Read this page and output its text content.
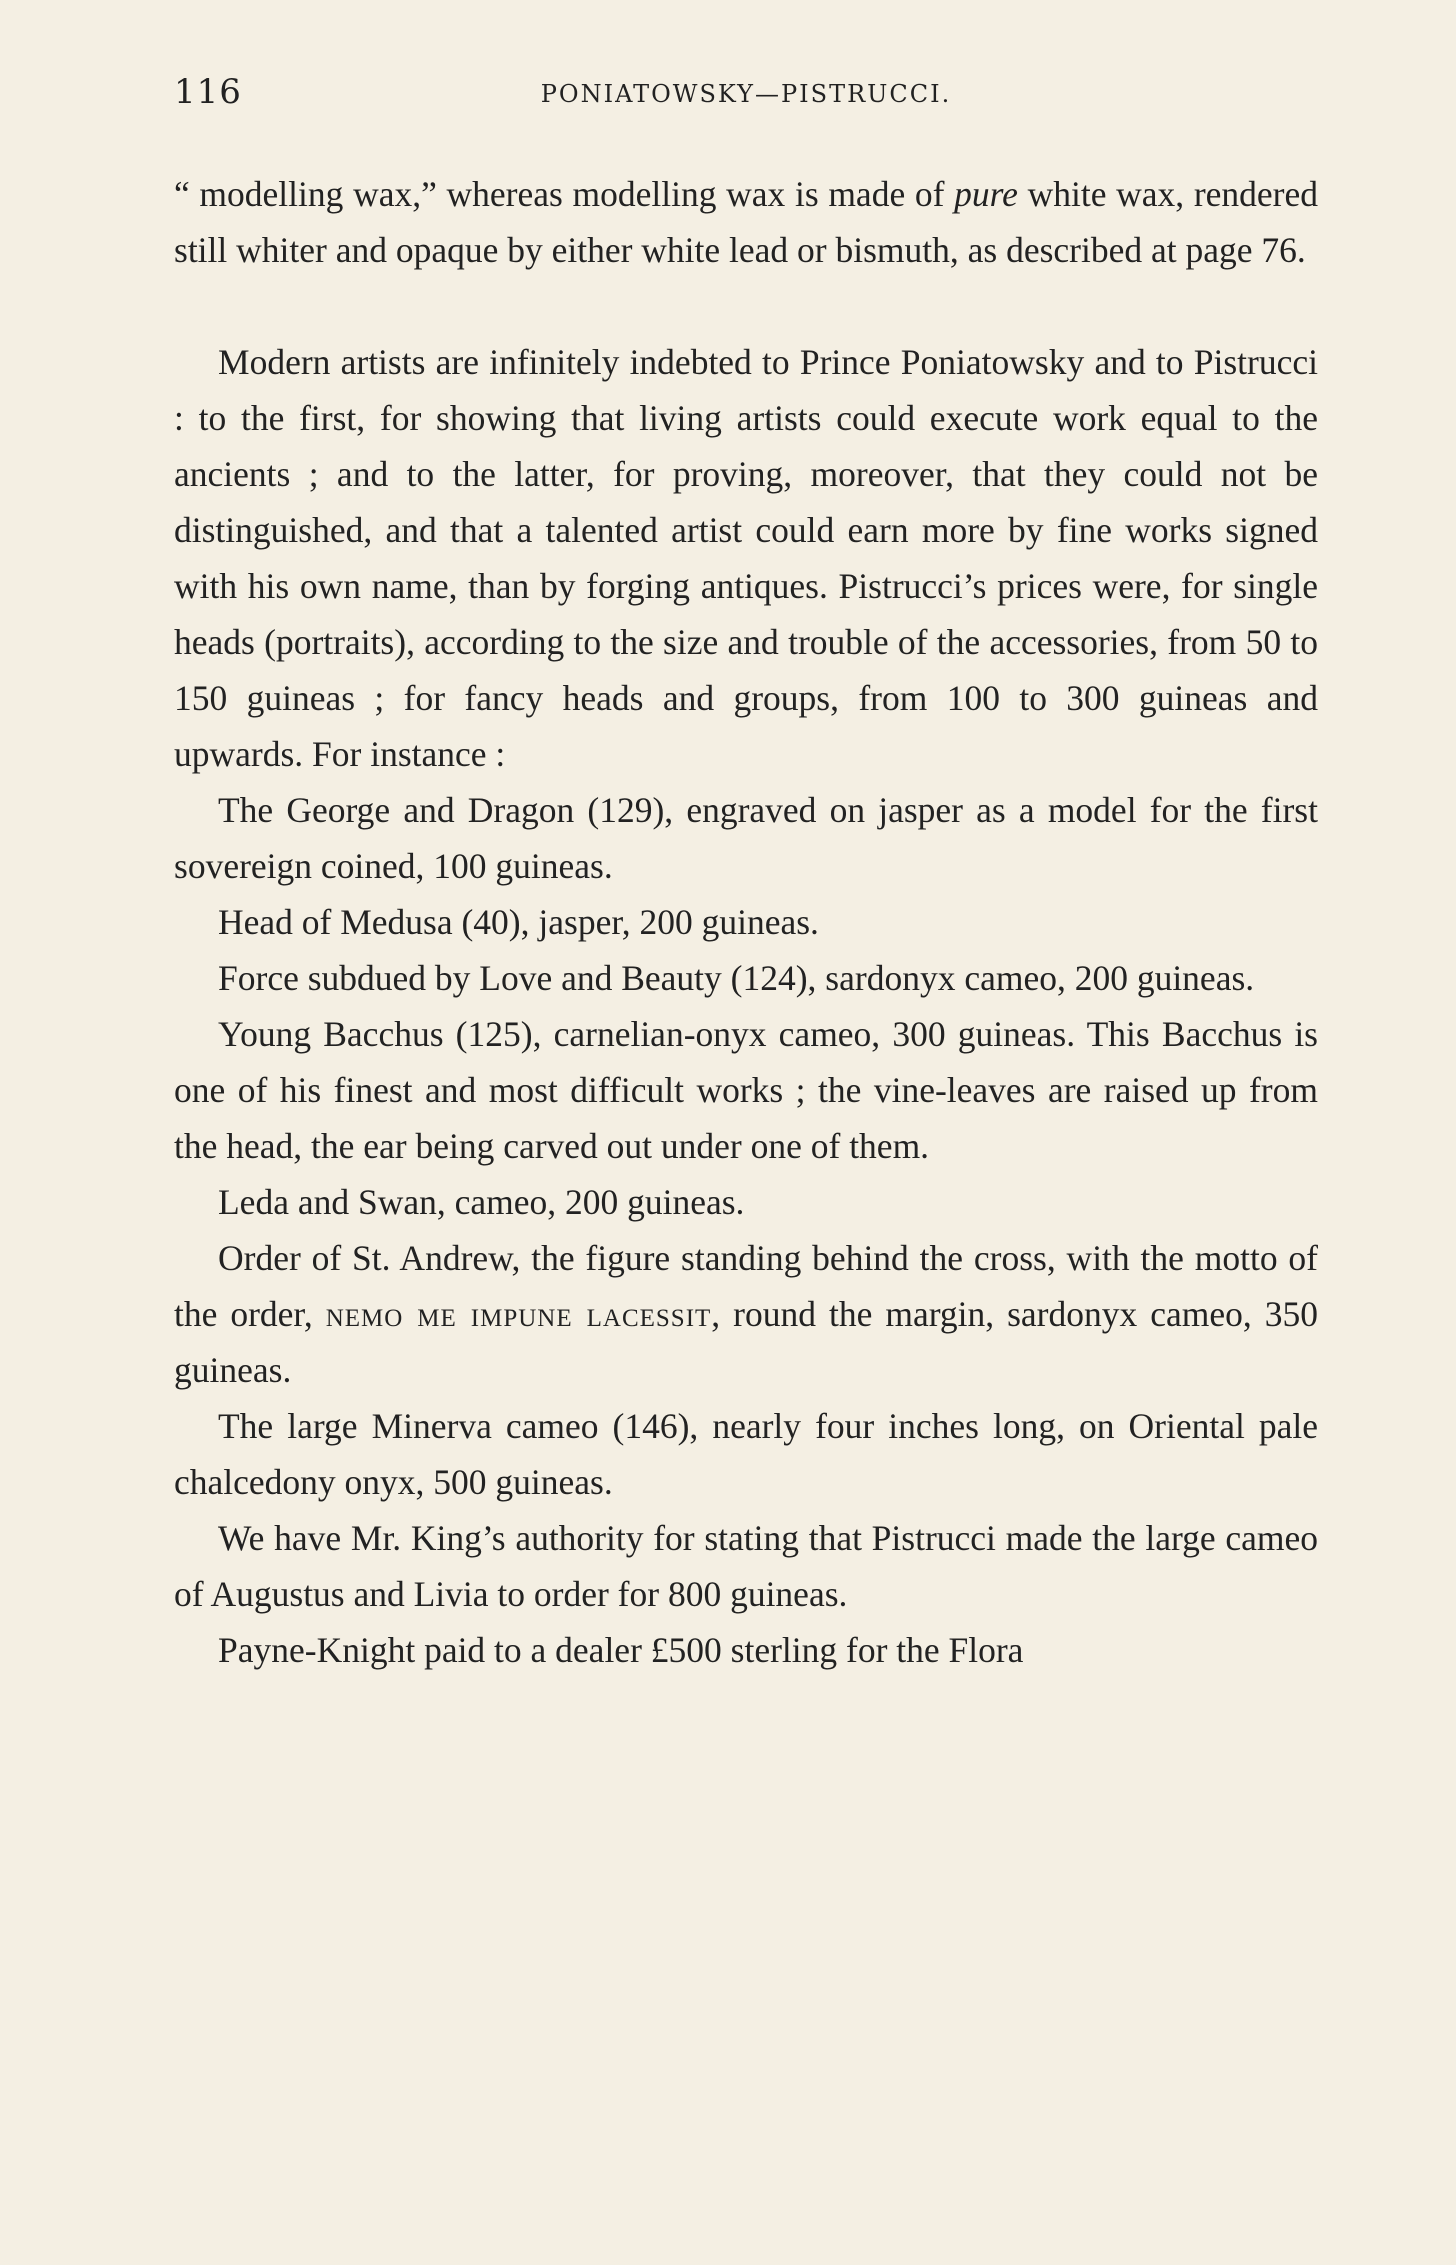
116	PONIATOWSKY—PISTRUCCI.

“ modelling wax,” whereas modelling wax is made of pure white wax, rendered still whiter and opaque by either white lead or bismuth, as described at page 76.

Modern artists are infinitely indebted to Prince Poniatowsky and to Pistrucci : to the first, for showing that living artists could execute work equal to the ancients ; and to the latter, for proving, moreover, that they could not be distinguished, and that a talented artist could earn more by fine works signed with his own name, than by forging antiques. Pistrucci’s prices were, for single heads (portraits), according to the size and trouble of the accessories, from 50 to 150 guineas ; for fancy heads and groups, from 100 to 300 guineas and upwards. For instance :

The George and Dragon (129), engraved on jasper as a model for the first sovereign coined, 100 guineas.

Head of Medusa (40), jasper, 200 guineas.

Force subdued by Love and Beauty (124), sardonyx cameo, 200 guineas.

Young Bacchus (125), carnelian-onyx cameo, 300 guineas. This Bacchus is one of his finest and most difficult works ; the vine-leaves are raised up from the head, the ear being carved out under one of them.

Leda and Swan, cameo, 200 guineas.

Order of St. Andrew, the figure standing behind the cross, with the motto of the order, nemo me impune lacessit, round the margin, sardonyx cameo, 350 guineas.

The large Minerva cameo (146), nearly four inches long, on Oriental pale chalcedony onyx, 500 guineas.

We have Mr. King’s authority for stating that Pistrucci made the large cameo of Augustus and Livia to order for 800 guineas.

Payne-Knight paid to a dealer £500 sterling for the Flora
